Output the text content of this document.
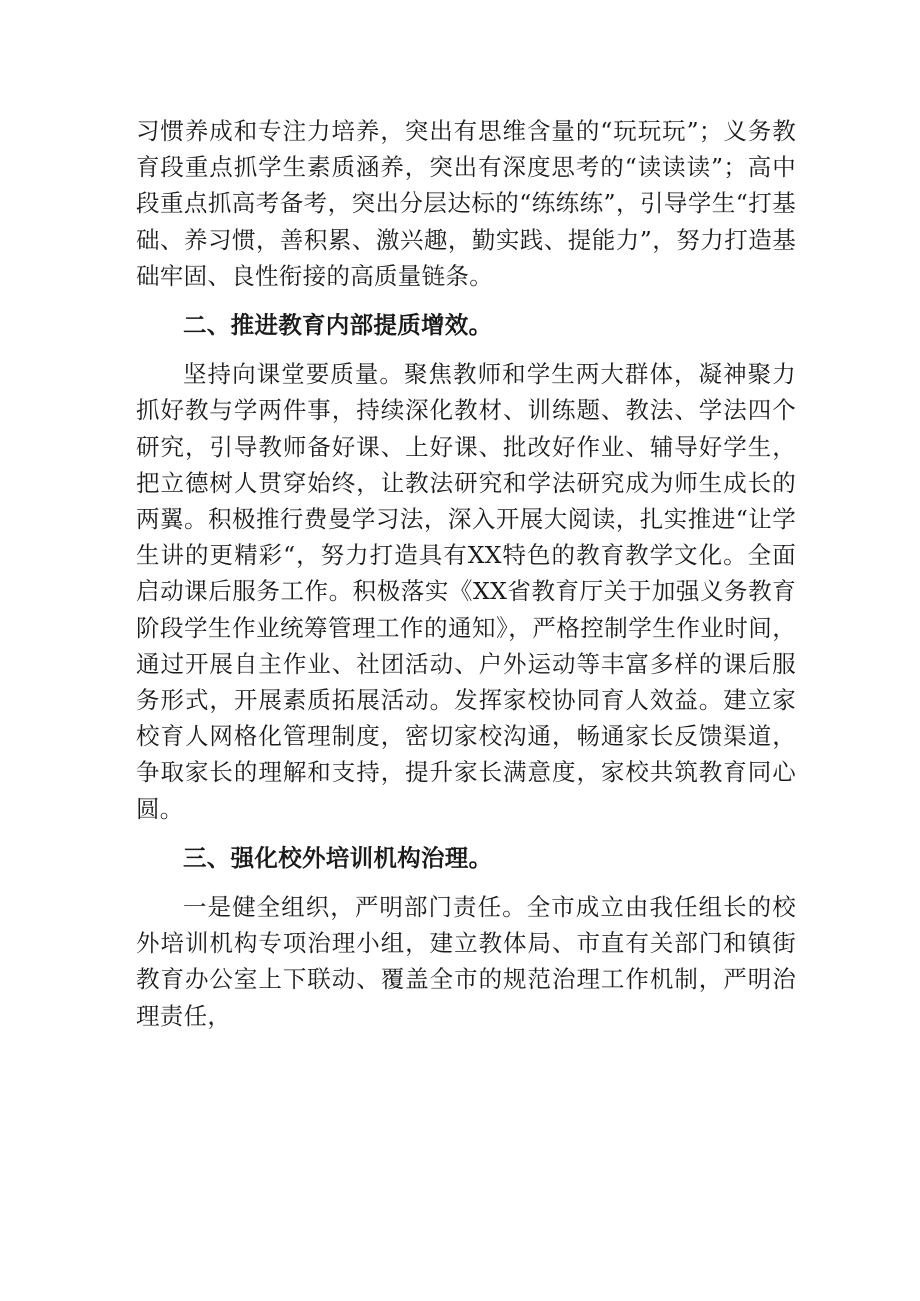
习惯养成和专注力培养，突出有思维含量的“玩玩玩”；义务教育段重点抓学生素质涵养，突出有深度思考的“读读读”；高中段重点抓高考备考，突出分层达标的“练练练”，引导学生“打基础、养习惯，善积累、激兴趣，勤实践、提能力”，努力打造基础牢固、良性衔接的高质量链条。

二、推进教育内部提质增效。

坚持向课堂要质量。聚焦教师和学生两大群体，凝神聚力抓好教与学两件事，持续深化教材、训练题、教法、学法四个研究，引导教师备好课、上好课、批改好作业、辅导好学生，把立德树人贯穿始终，让教法研究和学法研究成为师生成长的两翼。积极推行费曼学习法，深入开展大阅读，扎实推进“让学生讲的更精彩“，努力打造具有XX特色的教育教学文化。全面启动课后服务工作。积极落实《XX省教育厅关于加强义务教育阶段学生作业统筹管理工作的通知》，严格控制学生作业时间，通过开展自主作业、社团活动、户外运动等丰富多样的课后服务形式，开展素质拓展活动。发挥家校协同育人效益。建立家校育人网格化管理制度，密切家校沟通，畅通家长反馈渠道，争取家长的理解和支持，提升家长满意度，家校共筑教育同心圆。

三、强化校外培训机构治理。

一是健全组织，严明部门责任。全市成立由我任组长的校外培训机构专项治理小组，建立教体局、市直有关部门和镇街教育办公室上下联动、覆盖全市的规范治理工作机制，严明治理责任，
